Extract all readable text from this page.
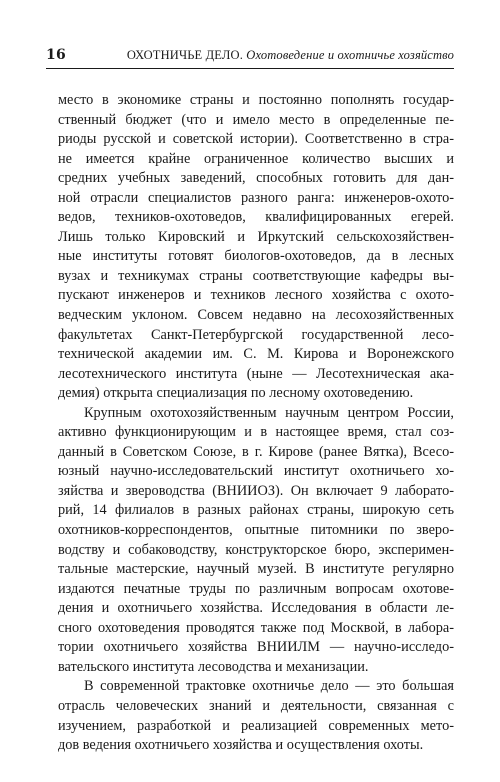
16	ОХОТНИЧЬЕ ДЕЛО. Охотоведение и охотничье хозяйство
место в экономике страны и постоянно пополнять государ-
ственный бюджет (что и имело место в определенные пе-
риоды русской и советской истории). Соответственно в стра-
не имеется крайне ограниченное количество высших и
средних учебных заведений, способных готовить для дан-
ной отрасли специалистов разного ранга: инженеров-охото-
ведов, техников-охотоведов, квалифицированных егерей.
Лишь только Кировский и Иркутский сельскохозяйствен-
ные институты готовят биологов-охотоведов, да в лесных
вузах и техникумах страны соответствующие кафедры вы-
пускают инженеров и техников лесного хозяйства с охото-
ведческим уклоном. Совсем недавно на лесохозяйственных
факультетах Санкт-Петербургской государственной лесо-
технической академии им. С. М. Кирова и Воронежского
лесотехнического института (ныне — Лесотехническая ака-
демия) открыта специализация по лесному охотоведению.
Крупным охотохозяйственным научным центром России,
активно функционирующим и в настоящее время, стал соз-
данный в Советском Союзе, в г. Кирове (ранее Вятка), Всесо-
юзный научно-исследовательский институт охотничьего хо-
зяйства и звероводства (ВНИИОЗ). Он включает 9 лаборато-
рий, 14 филиалов в разных районах страны, широкую сеть
охотников-корреспондентов, опытные питомники по зверо-
водству и собаководству, конструкторское бюро, эксперимен-
тальные мастерские, научный музей. В институте регулярно
издаются печатные труды по различным вопросам охотове-
дения и охотничьего хозяйства. Исследования в области ле-
сного охотоведения проводятся также под Москвой, в лабора-
тории охотничьего хозяйства ВНИИЛМ — научно-исследо-
вательского института лесоводства и механизации.
В современной трактовке охотничье дело — это большая
отрасль человеческих знаний и деятельности, связанная с
изучением, разработкой и реализацией современных мето-
дов ведения охотничьего хозяйства и осуществления охоты.
